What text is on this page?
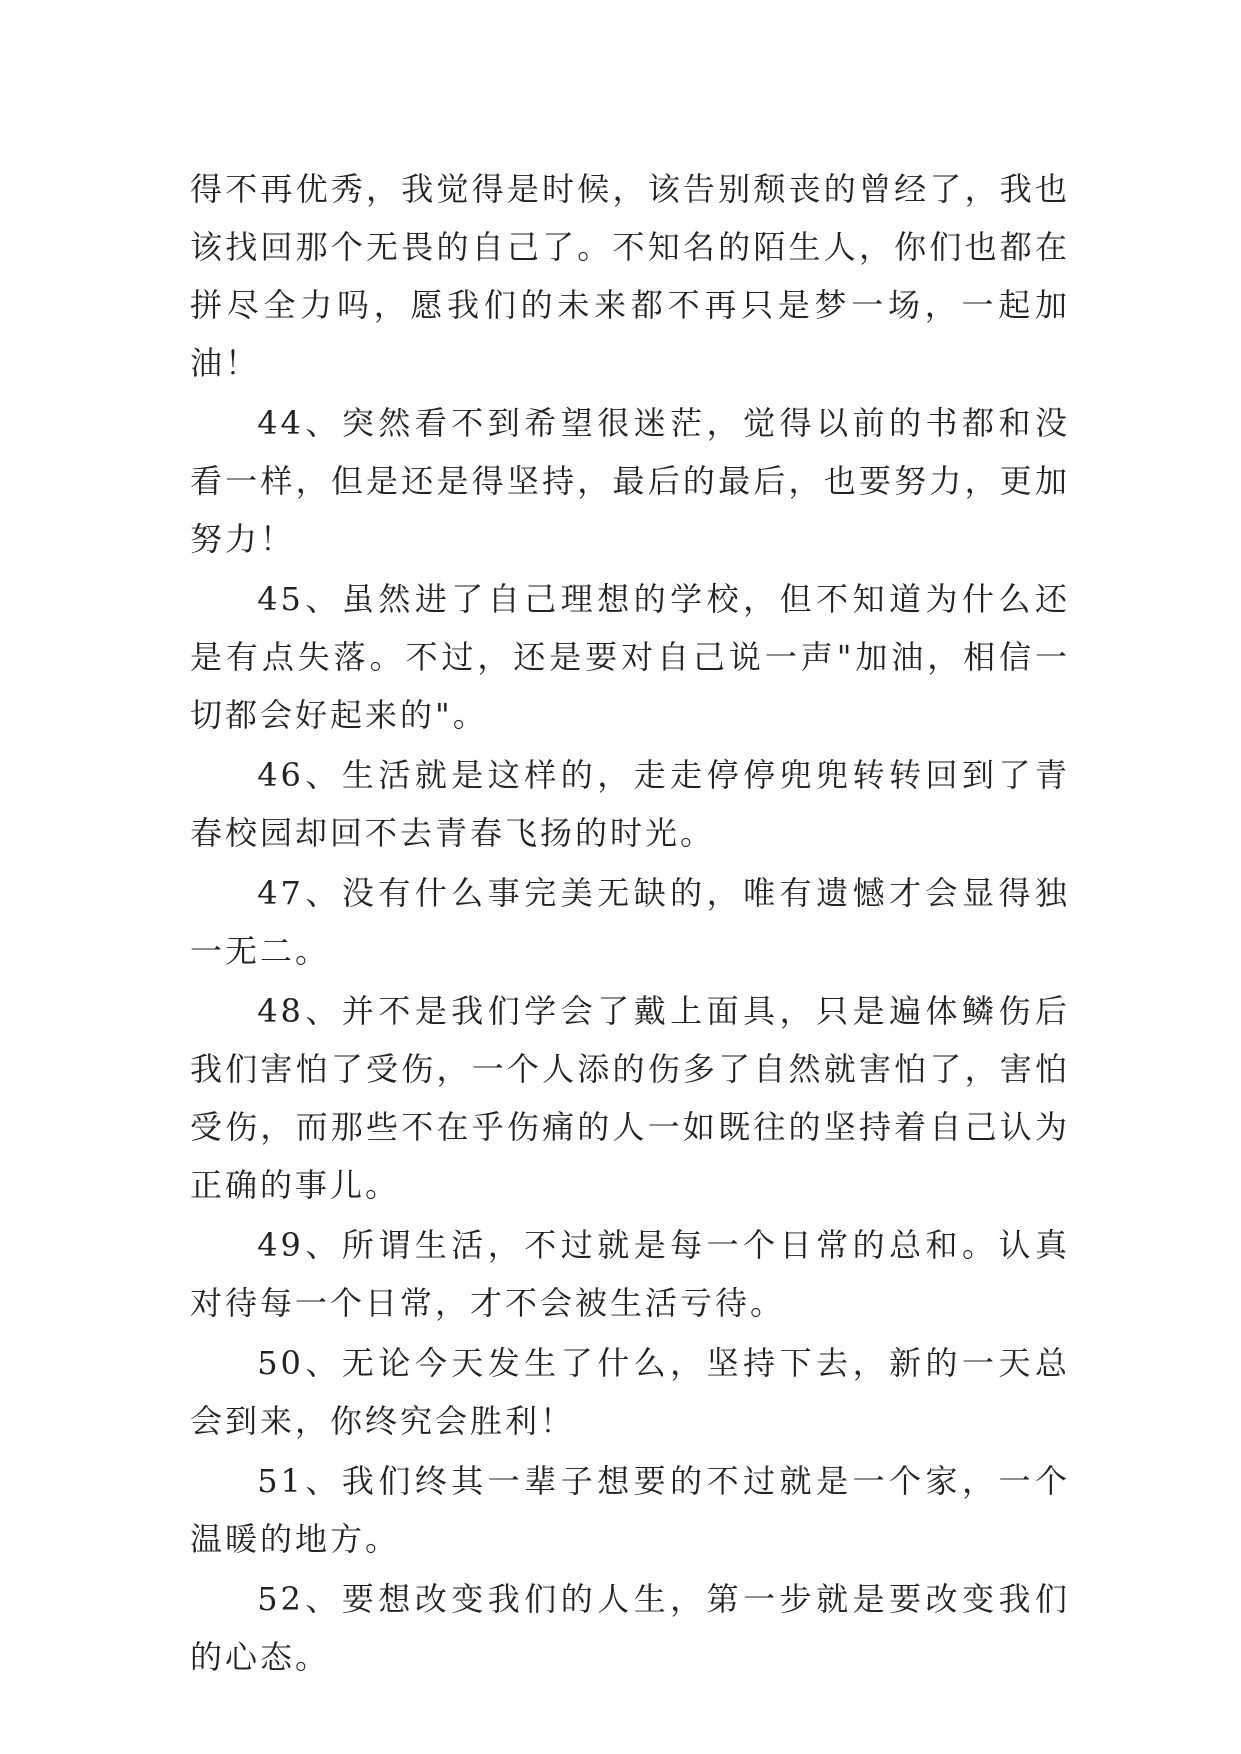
得不再优秀，我觉得是时候，该告别颓丧的曾经了，我也该找回那个无畏的自己了。不知名的陌生人，你们也都在拼尽全力吗，愿我们的未来都不再只是梦一场，一起加油！

44、突然看不到希望很迷茫，觉得以前的书都和没看一样，但是还是得坚持，最后的最后，也要努力，更加努力！

45、虽然进了自己理想的学校，但不知道为什么还是有点失落。不过，还是要对自己说一声"加油，相信一切都会好起来的"。

46、生活就是这样的，走走停停兜兜转转回到了青春校园却回不去青春飞扬的时光。

47、没有什么事完美无缺的，唯有遗憾才会显得独一无二。

48、并不是我们学会了戴上面具，只是遍体鳞伤后我们害怕了受伤，一个人添的伤多了自然就害怕了，害怕受伤，而那些不在乎伤痛的人一如既往的坚持着自己认为正确的事儿。

49、所谓生活，不过就是每一个日常的总和。认真对待每一个日常，才不会被生活亏待。

50、无论今天发生了什么，坚持下去，新的一天总会到来，你终究会胜利！

51、我们终其一辈子想要的不过就是一个家，一个温暖的地方。

52、要想改变我们的人生，第一步就是要改变我们的心态。
